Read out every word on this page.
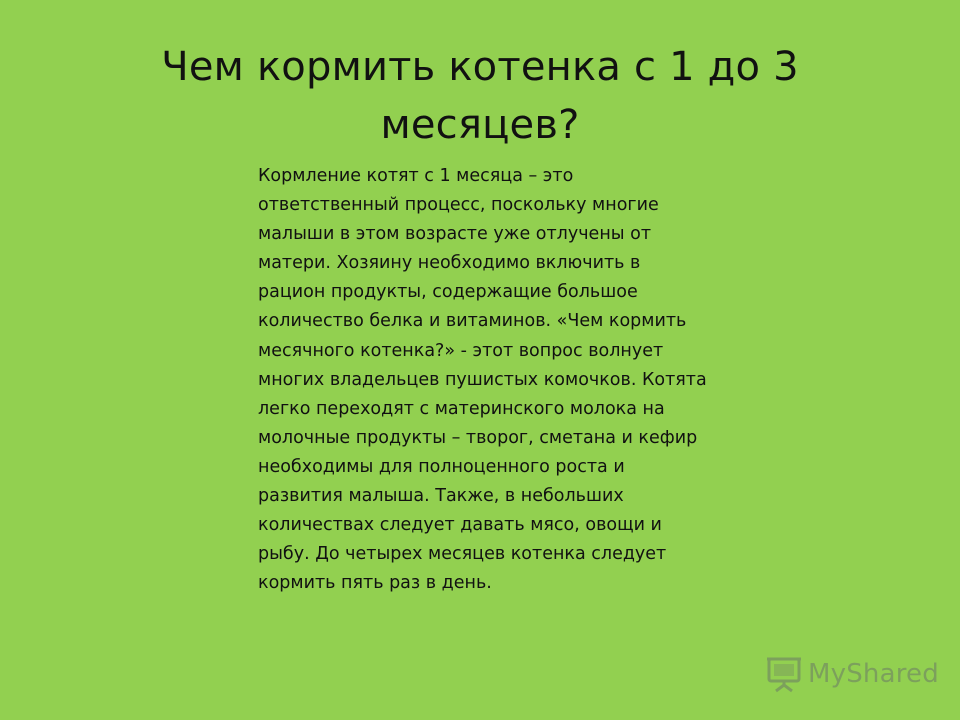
Чем кормить котенка с 1 до 3 месяцев?

Кормление котят с 1 месяца – это ответственный процесс, поскольку многие малыши в этом возрасте уже отлучены от матери. Хозяину необходимо включить в рацион продукты, содержащие большое количество белка и витаминов. «Чем кормить месячного котенка?» - этот вопрос волнует многих владельцев пушистых комочков. Котята легко переходят с материнского молока на молочные продукты – творог, сметана и кефир необходимы для полноценного роста и развития малыша. Также, в небольших количествах следует давать мясо, овощи и рыбу. До четырех месяцев котенка следует кормить пять раз в день.

MyShared
